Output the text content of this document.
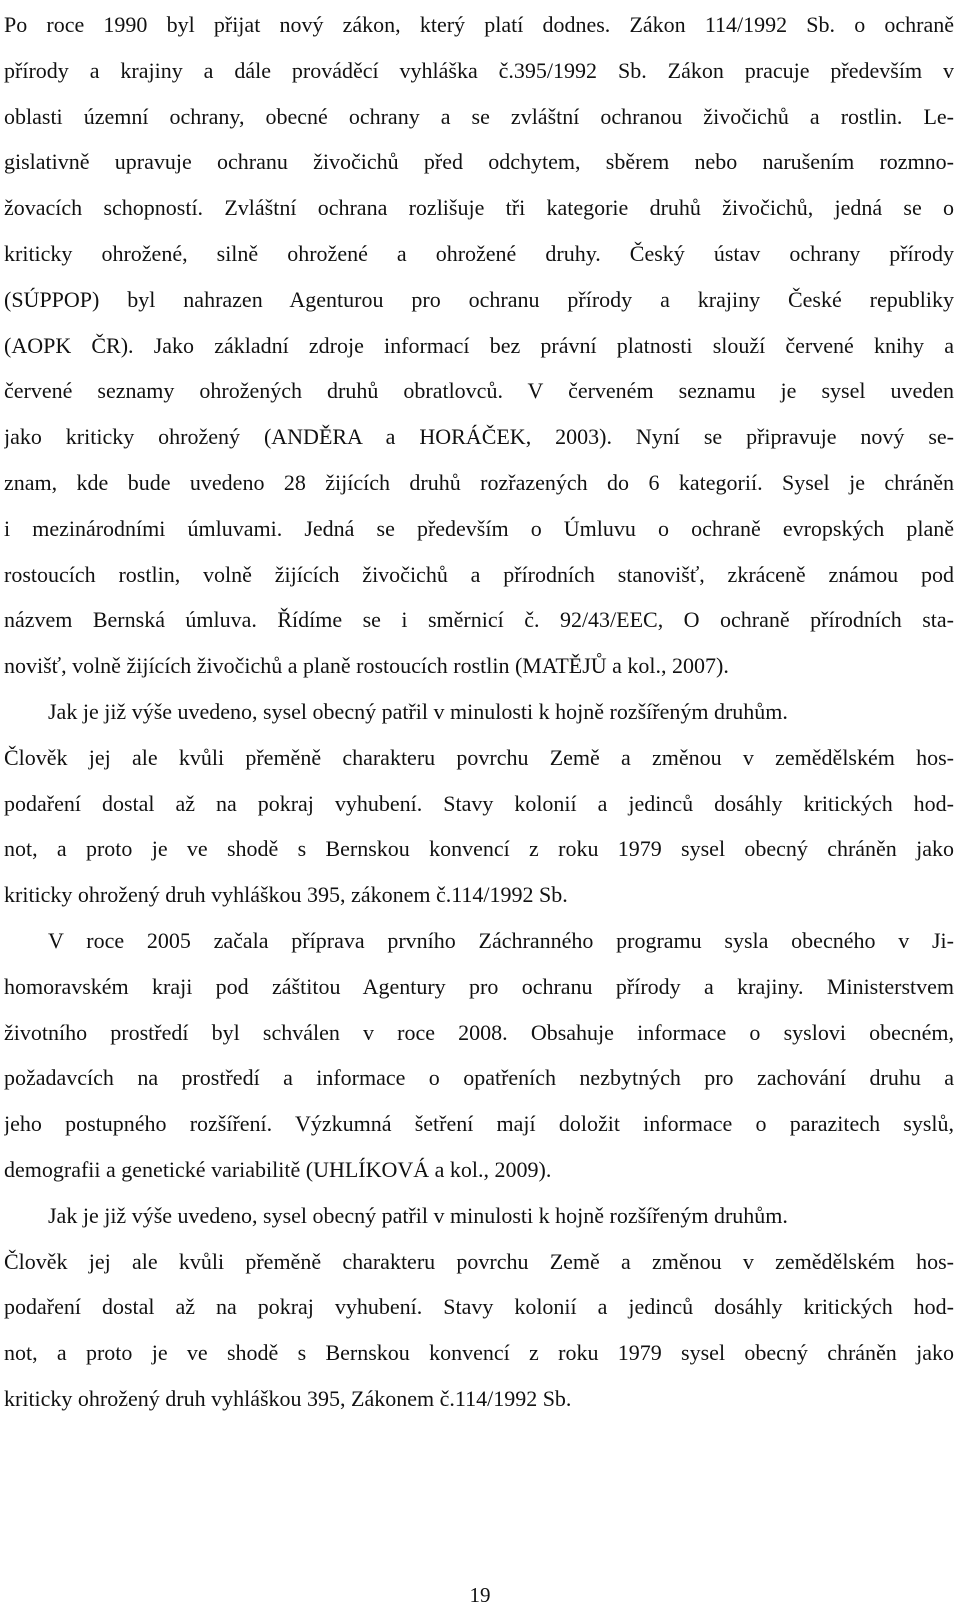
Po roce 1990 byl přijat nový zákon, který platí dodnes. Zákon 114/1992 Sb. o ochraně
přírody a krajiny a dále prováděcí vyhláška č.395/1992 Sb. Zákon pracuje především v
oblasti územní ochrany, obecné ochrany a se zvláštní ochranou živočichů a rostlin. Le-
gislativně upravuje ochranu živočichů před odchytem, sběrem nebo narušením rozmno-
žovacích schopností. Zvláštní ochrana rozlišuje tři kategorie druhů živočichů, jedná se o
kriticky ohrožené, silně ohrožené a ohrožené druhy. Český ústav ochrany přírody
(SÚPPOP) byl nahrazen Agenturou pro ochranu přírody a krajiny České republiky
(AOPK ČR). Jako základní zdroje informací bez právní platnosti slouží červené knihy a
červené seznamy ohrožených druhů obratlovců. V červeném seznamu je sysel uveden
jako kriticky ohrožený (ANDĚRA a HORÁČEK, 2003). Nyní se připravuje nový se-
znam, kde bude uvedeno 28 žijících druhů rozřazených do 6 kategorií. Sysel je chráněn
i mezinárodními úmluvami. Jedná se především o Úmluvu o ochraně evropských planě
rostoucích rostlin, volně žijících živočichů a přírodních stanovišť, zkráceně známou pod
názvem Bernská úmluva. Řídíme se i směrnicí č. 92/43/EEC, O ochraně přírodních sta-
novišť, volně žijících živočichů a planě rostoucích rostlin (MATĚJŮ a kol., 2007).
Jak je již výše uvedeno, sysel obecný patřil v minulosti k hojně rozšířeným druhům.
Člověk jej ale kvůli přeměně charakteru povrchu Země a změnou v zemědělském hos-
podaření dostal až na pokraj vyhubení. Stavy kolonií a jedinců dosáhly kritických hod-
not, a proto je ve shodě s Bernskou konvencí z roku 1979 sysel obecný chráněn jako
kriticky ohrožený druh vyhláškou 395, zákonem č.114/1992 Sb.
V roce 2005 začala příprava prvního Záchranného programu sysla obecného v Ji-
homoravském kraji pod záštitou Agentury pro ochranu přírody a krajiny. Ministerstvem
životního prostředí byl schválen v roce 2008. Obsahuje informace o syslovi obecném,
požadavcích na prostředí a informace o opatřeních nezbytných pro zachování druhu a
jeho postupného rozšíření. Výzkumná šetření mají doložit informace o parazitech syslů,
demografii a genetické variabilitě (UHLÍKOVÁ a kol., 2009).
Jak je již výše uvedeno, sysel obecný patřil v minulosti k hojně rozšířeným druhům.
Člověk jej ale kvůli přeměně charakteru povrchu Země a změnou v zemědělském hos-
podaření dostal až na pokraj vyhubení. Stavy kolonií a jedinců dosáhly kritických hod-
not, a proto je ve shodě s Bernskou konvencí z roku 1979 sysel obecný chráněn jako
kriticky ohrožený druh vyhláškou 395, Zákonem č.114/1992 Sb.
19
